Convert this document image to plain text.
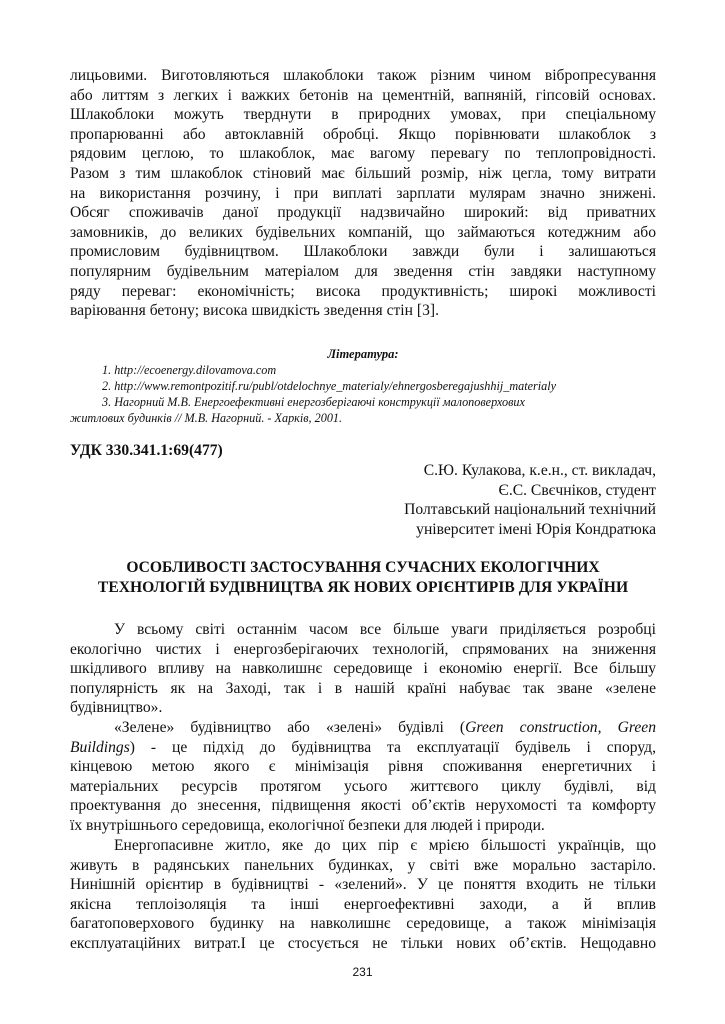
лицьовими. Виготовляються шлакоблоки також різним чином вібропресування
або литтям з легких і важких бетонів на цементній, вапняній, гіпсовій основах.
Шлакоблоки можуть тверднути в природних умовах, при спеціальному
пропарюванні або автоклавній обробці. Якщо порівнювати шлакоблок з
рядовим цеглою, то шлакоблок, має вагому перевагу по теплопровідності.
Разом з тим шлакоблок стіновий має більший розмір, ніж цегла, тому витрати
на використання розчину, і при виплаті зарплати мулярам значно знижені.
Обсяг споживачів даної продукції надзвичайно широкий: від приватних
замовників, до великих будівельних компаній, що займаються котеджним або
промисловим будівництвом. Шлакоблоки завжди були і залишаються
популярним будівельним матеріалом для зведення стін завдяки наступному
ряду переваг: економічність; висока продуктивність; широкі можливості
варіювання бетону; висока швидкість зведення стін [3].
Література:
1. http://ecoenergy.dilovamova.com
2. http://www.remontpozitif.ru/publ/otdelochnye_materialy/ehnergosberegajushhij_materialy
3. Нагорний М.В. Енергоефективні енергозберігаючі конструкції малоповерхових
житлових будинків // М.В. Нагорний. - Харків, 2001.
УДК 330.341.1:69(477)
С.Ю. Кулакова, к.е.н., ст. викладач,
Є.С. Свєчніков, студент
Полтавський національний технічний
університет імені Юрія Кондратюка
ОСОБЛИВОСТІ ЗАСТОСУВАННЯ СУЧАСНИХ ЕКОЛОГІЧНИХ
ТЕХНОЛОГІЙ БУДІВНИЦТВА ЯК НОВИХ ОРІЄНТИРІВ ДЛЯ УКРАЇНИ
У всьому світі останнім часом все більше уваги приділяється розробці
екологічно чистих і енергозберігаючих технологій, спрямованих на зниження
шкідливого впливу на навколишнє середовище і економію енергії. Все більшу
популярність як на Заході, так і в нашій країні набуває так зване «зелене
будівництво».
«Зелене» будівництво або «зелені» будівлі (Green construction, Green
Buildings) - це підхід до будівництва та експлуатації будівель і споруд,
кінцевою метою якого є мінімізація рівня споживання енергетичних і
матеріальних ресурсів протягом усього життєвого циклу будівлі, від
проектування до знесення, підвищення якості об’єктів нерухомості та комфорту
їх внутрішнього середовища, екологічної безпеки для людей і природи.
Енергопасивне житло, яке до цих пір є мрією більшості українців, що
живуть в радянських панельних будинках, у світі вже морально застаріло.
Нинішній орієнтир в будівництві - «зелений». У це поняття входить не тільки
якісна теплоізоляція та інші енергоефективні заходи, а й вплив
багатоповерхового будинку на навколишнє середовище, а також мінімізація
експлуатаційних витрат.І це стосується не тільки нових об’єктів. Нещодавно
231
